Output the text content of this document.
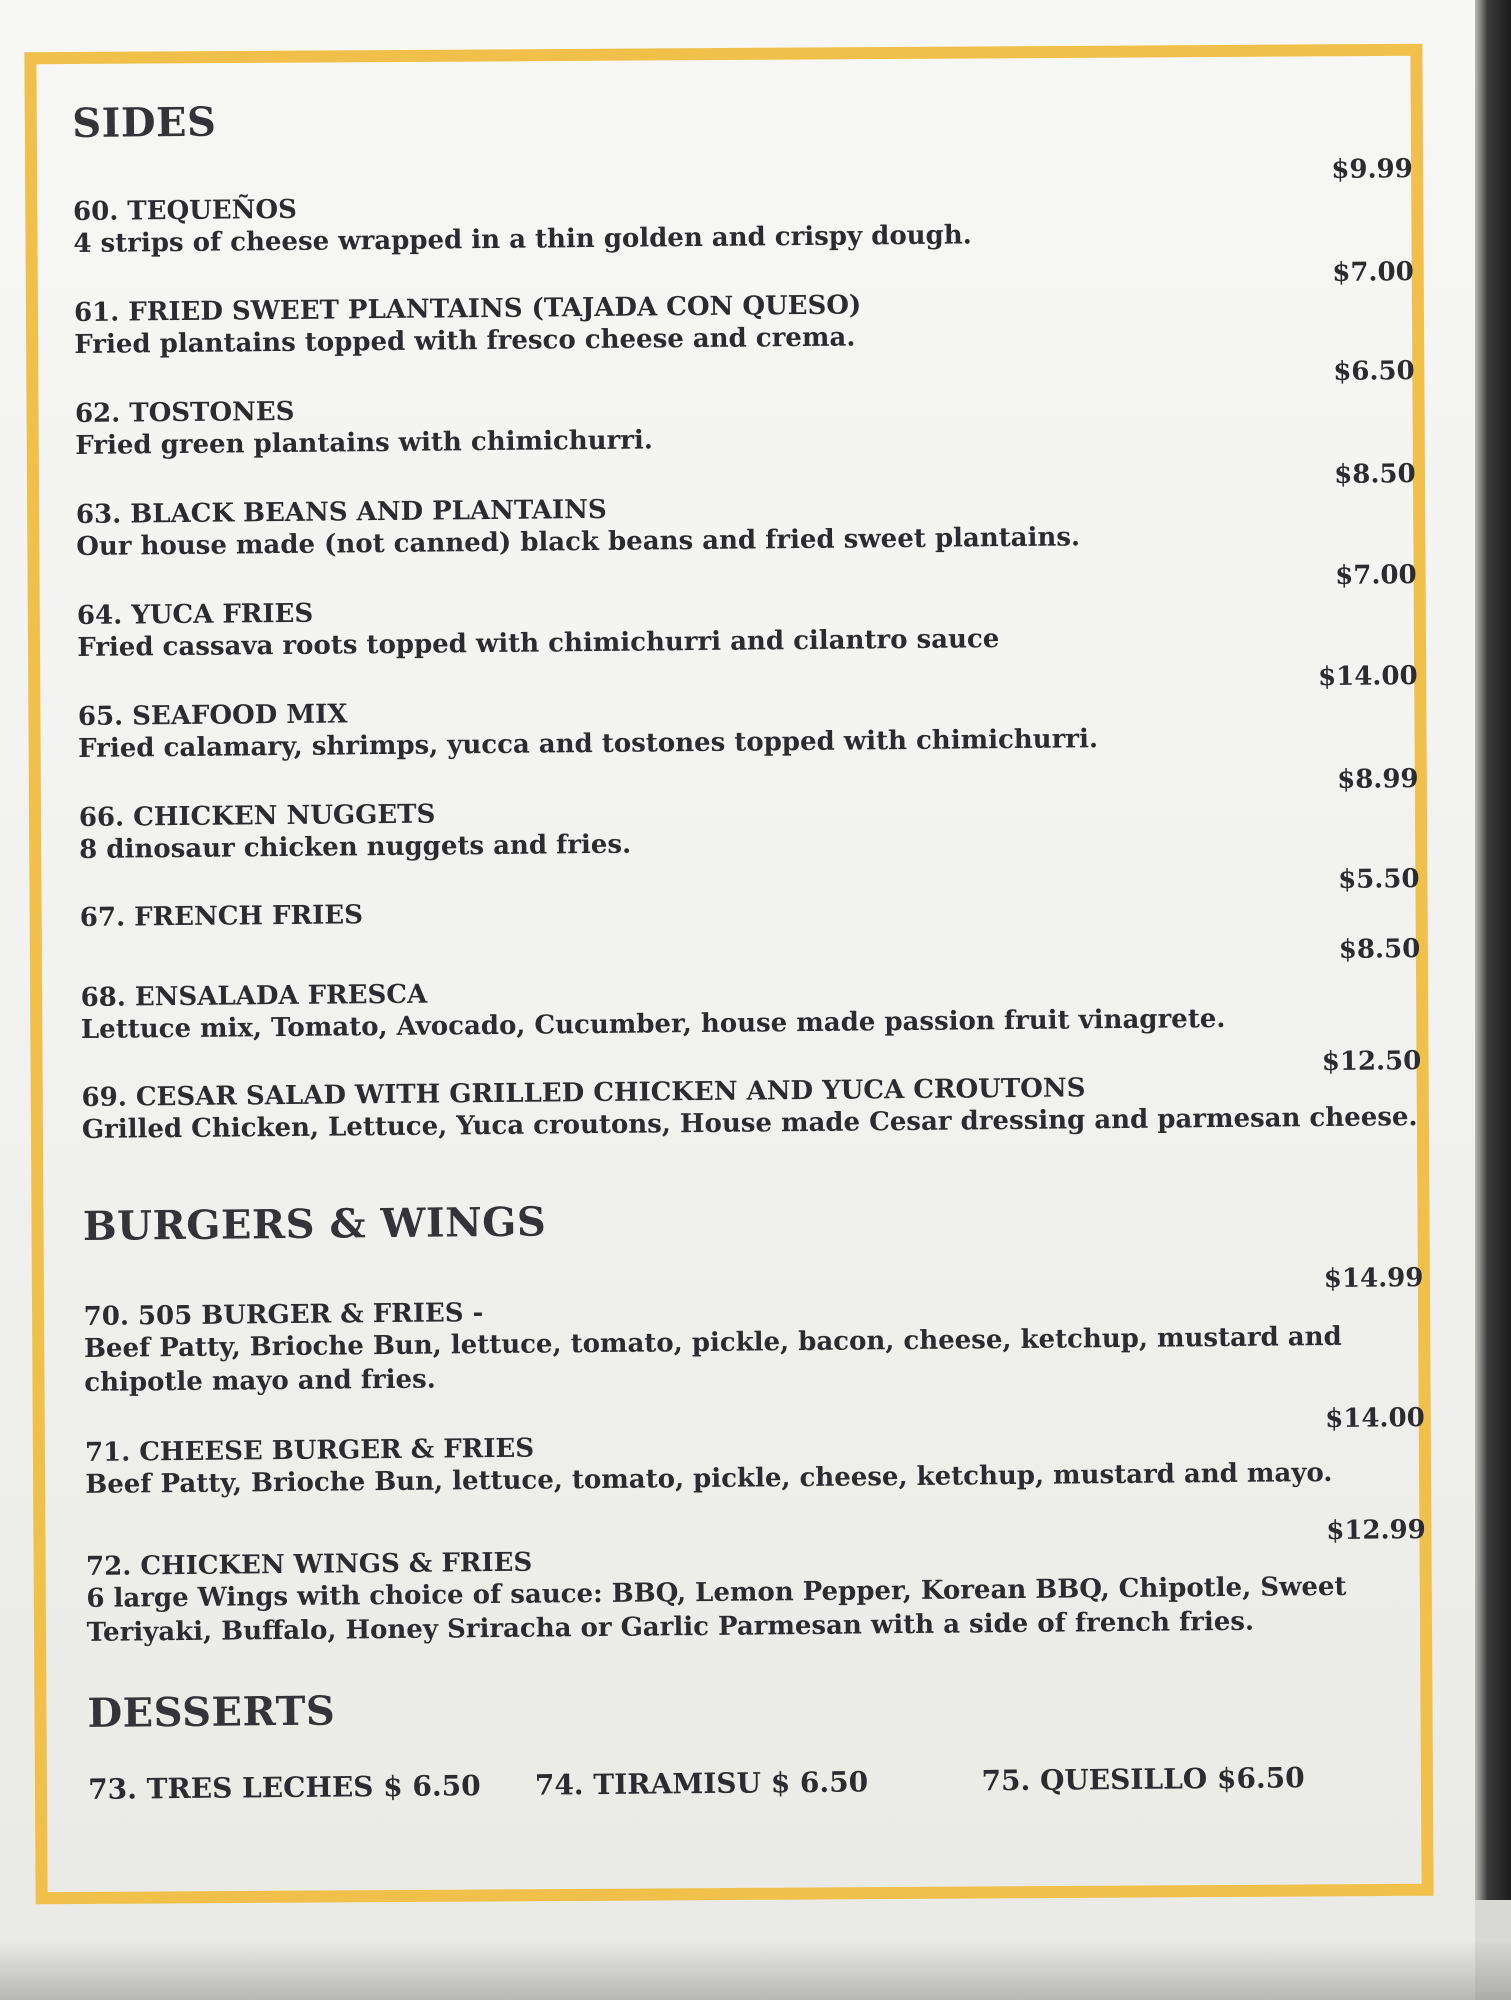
SIDES
$9.99
60. TEQUEÑOS
4 strips of cheese wrapped in a thin golden and crispy dough.
$7.00
61. FRIED SWEET PLANTAINS (TAJADA CON QUESO)
Fried plantains topped with fresco cheese and crema.
$6.50
62. TOSTONES
Fried green plantains with chimichurri.
$8.50
63. BLACK BEANS AND PLANTAINS
Our house made (not canned) black beans and fried sweet plantains.
$7.00
64. YUCA FRIES
Fried cassava roots topped with chimichurri and cilantro sauce
$14.00
65. SEAFOOD MIX
Fried calamary, shrimps, yucca and tostones topped with chimichurri.
$8.99
66. CHICKEN NUGGETS
8 dinosaur chicken nuggets and fries.
$5.50
67. FRENCH FRIES
$8.50
68. ENSALADA FRESCA
Lettuce mix, Tomato, Avocado, Cucumber, house made passion fruit vinagrete.
$12.50
69. CESAR SALAD WITH GRILLED CHICKEN AND YUCA CROUTONS
Grilled Chicken, Lettuce, Yuca croutons, House made Cesar dressing and parmesan cheese.
BURGERS & WINGS
$14.99
70. 505 BURGER & FRIES -
Beef Patty, Brioche Bun, lettuce, tomato, pickle, bacon, cheese, ketchup, mustard and chipotle mayo and fries.
$14.00
71. CHEESE BURGER & FRIES
Beef Patty, Brioche Bun, lettuce, tomato, pickle, cheese, ketchup, mustard and mayo.
$12.99
72. CHICKEN WINGS & FRIES
6 large Wings with choice of sauce: BBQ, Lemon Pepper, Korean BBQ, Chipotle, Sweet Teriyaki, Buffalo, Honey Sriracha or Garlic Parmesan with a side of french fries.
DESSERTS
73. TRES LECHES $ 6.50	74. TIRAMISU $ 6.50	75. QUESILLO $6.50
